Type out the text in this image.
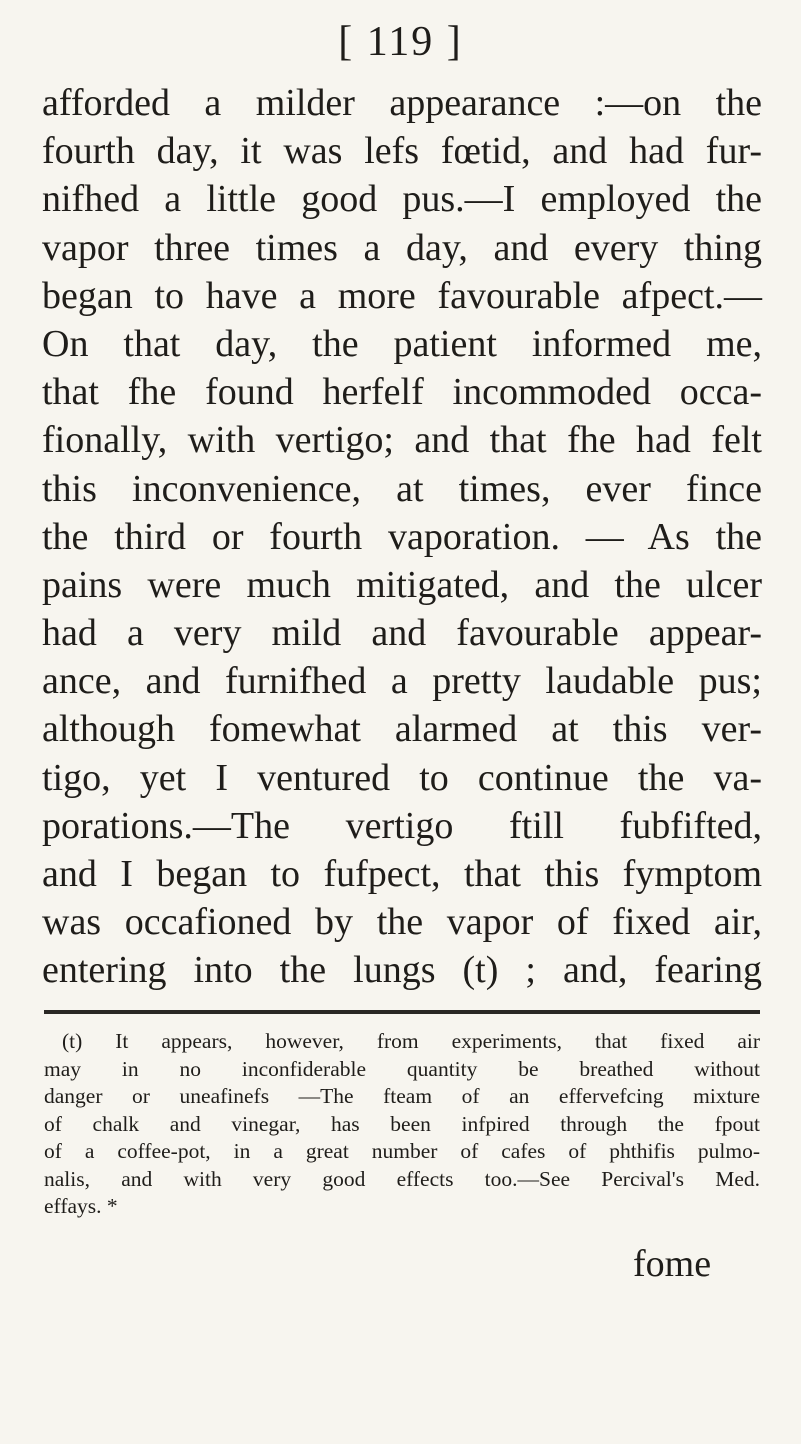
[ 119 ]
afforded a milder appearance :—on the
fourth day, it was lefs fœtid, and had fur-
nifhed a little good pus.—I employed the
vapor three times a day, and every thing
began to have a more favourable afpect.—
On that day, the patient informed me,
that fhe found herfelf incommoded occa-
fionally, with vertigo; and that fhe had felt
this inconvenience, at times, ever fince
the third or fourth vaporation. — As the
pains were much mitigated, and the ulcer
had a very mild and favourable appear-
ance, and furnifhed a pretty laudable pus;
although fomewhat alarmed at this ver-
tigo, yet I ventured to continue the va-
porations.—The vertigo ftill fubfifted,
and I began to fufpect, that this fymptom
was occafioned by the vapor of fixed air,
entering into the lungs (t) ; and, fearing
(t) It appears, however, from experiments, that fixed air
may in no inconfiderable quantity be breathed without
danger or uneafinefs —The fteam of an effervefcing mixture
of chalk and vinegar, has been infpired through the fpout
of a coffee-pot, in a great number of cafes of phthifis pulmo-
nalis, and with very good effects too.—See Percival's Med.
effays. *
fome
